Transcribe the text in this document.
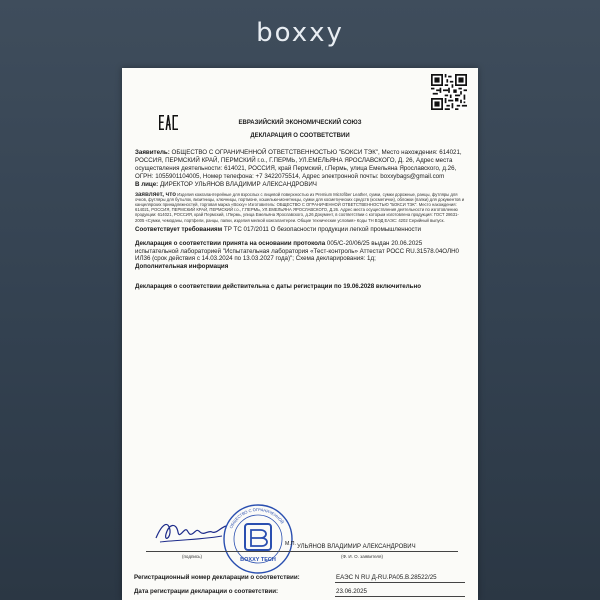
boxxy
ЕВРАЗИЙСКИЙ ЭКОНОМИЧЕСКИЙ СОЮЗ
ДЕКЛАРАЦИЯ О СООТВЕТСТВИИ

Заявитель: ОБЩЕСТВО С ОГРАНИЧЕННОЙ ОТВЕТСТВЕННОСТЬЮ "БОКСИ ТЭК", Место нахождения: 614021, РОССИЯ, ПЕРМСКИЙ КРАЙ, ПЕРМСКИЙ г.о., Г.ПЕРМЬ, УЛ.ЕМЕЛЬЯНА ЯРОСЛАВСКОГО, Д. 26, Адрес места осуществления деятельности: 614021, РОССИЯ, край Пермский, г.Пермь, улица Емельяна Ярославского, д.26, ОГРН: 1055901104005, Номер телефона: +7 3422075514, Адрес электронной почты: boxxybags@gmail.com

В лице: ДИРЕКТОР УЛЬЯНОВ ВЛАДИМИР АЛЕКСАНДРОВИЧ

заявляет, что Изделия кожгалантерейные для взрослых с лицевой поверхностью из Premium Microfiber Leather, сумки, сумки дорожные, ранцы, футляры для очков, футляры для бутылок, визитницы, ключницы, портмоне, кошельки-монетницы, сумки для косметических средств (косметички), обложки (папки) для документов и канцелярских принадлежностей, торговая марка «Boxxy» Изготовитель: ОБЩЕСТВО С ОГРАНИЧЕННОЙ ОТВЕТСТВЕННОСТЬЮ "БОКСИ ТЭК". Место нахождения: 614021, РОССИЯ, ПЕРМСКИЙ КРАЙ, ПЕРМСКИЙ г.о., Г.ПЕРМЬ, УЛ.ЕМЕЛЬЯНА ЯРОСЛАВСКОГО, Д.26. Адрес места осуществления деятельности по изготовлению продукции: 614021, РОССИЯ, край Пермский, г.Пермь, улица Емельяна Ярославского, д.26 Документ, в соответствии с которым изготовлена продукция: ГОСТ 28631-2005 «Сумки, чемоданы, портфели, ранцы, папки, изделия мелкой кожгалантереи. Общие технические условия» Коды ТН ВЭД ЕАЭС: 4202 Серийный выпуск.

Соответствует требованиям ТР ТС 017/2011 О безопасности продукции легкой промышленности

Декларация о соответствии принята на основании протокола 005/С-20/06/25 выдан 20.06.2025 испытательной лабораторией "Испытательная лаборатория «Тест-контроль» Аттестат РОСС RU.31578.04ОЛН0 ИЛ36 (срок действия с 14.03.2024 по 13.03.2027 года)"; Схема декларирования: 1д;

Дополнительная информация

Декларация о соответствии действительна с даты регистрации по 19.06.2028 включительно

ОБЩЕСТВО С ОГРАНИЧЕННОЙ
BOXXY TECH
М.П. УЛЬЯНОВ ВЛАДИМИР АЛЕКСАНДРОВИЧ
(подпись)	(Ф. И. О. заявителя)
Регистрационный номер декларации о соответствии:	ЕАЭС N RU Д-RU.РА05.В.28522/25
Дата регистрации декларации о соответствии:	23.06.2025
